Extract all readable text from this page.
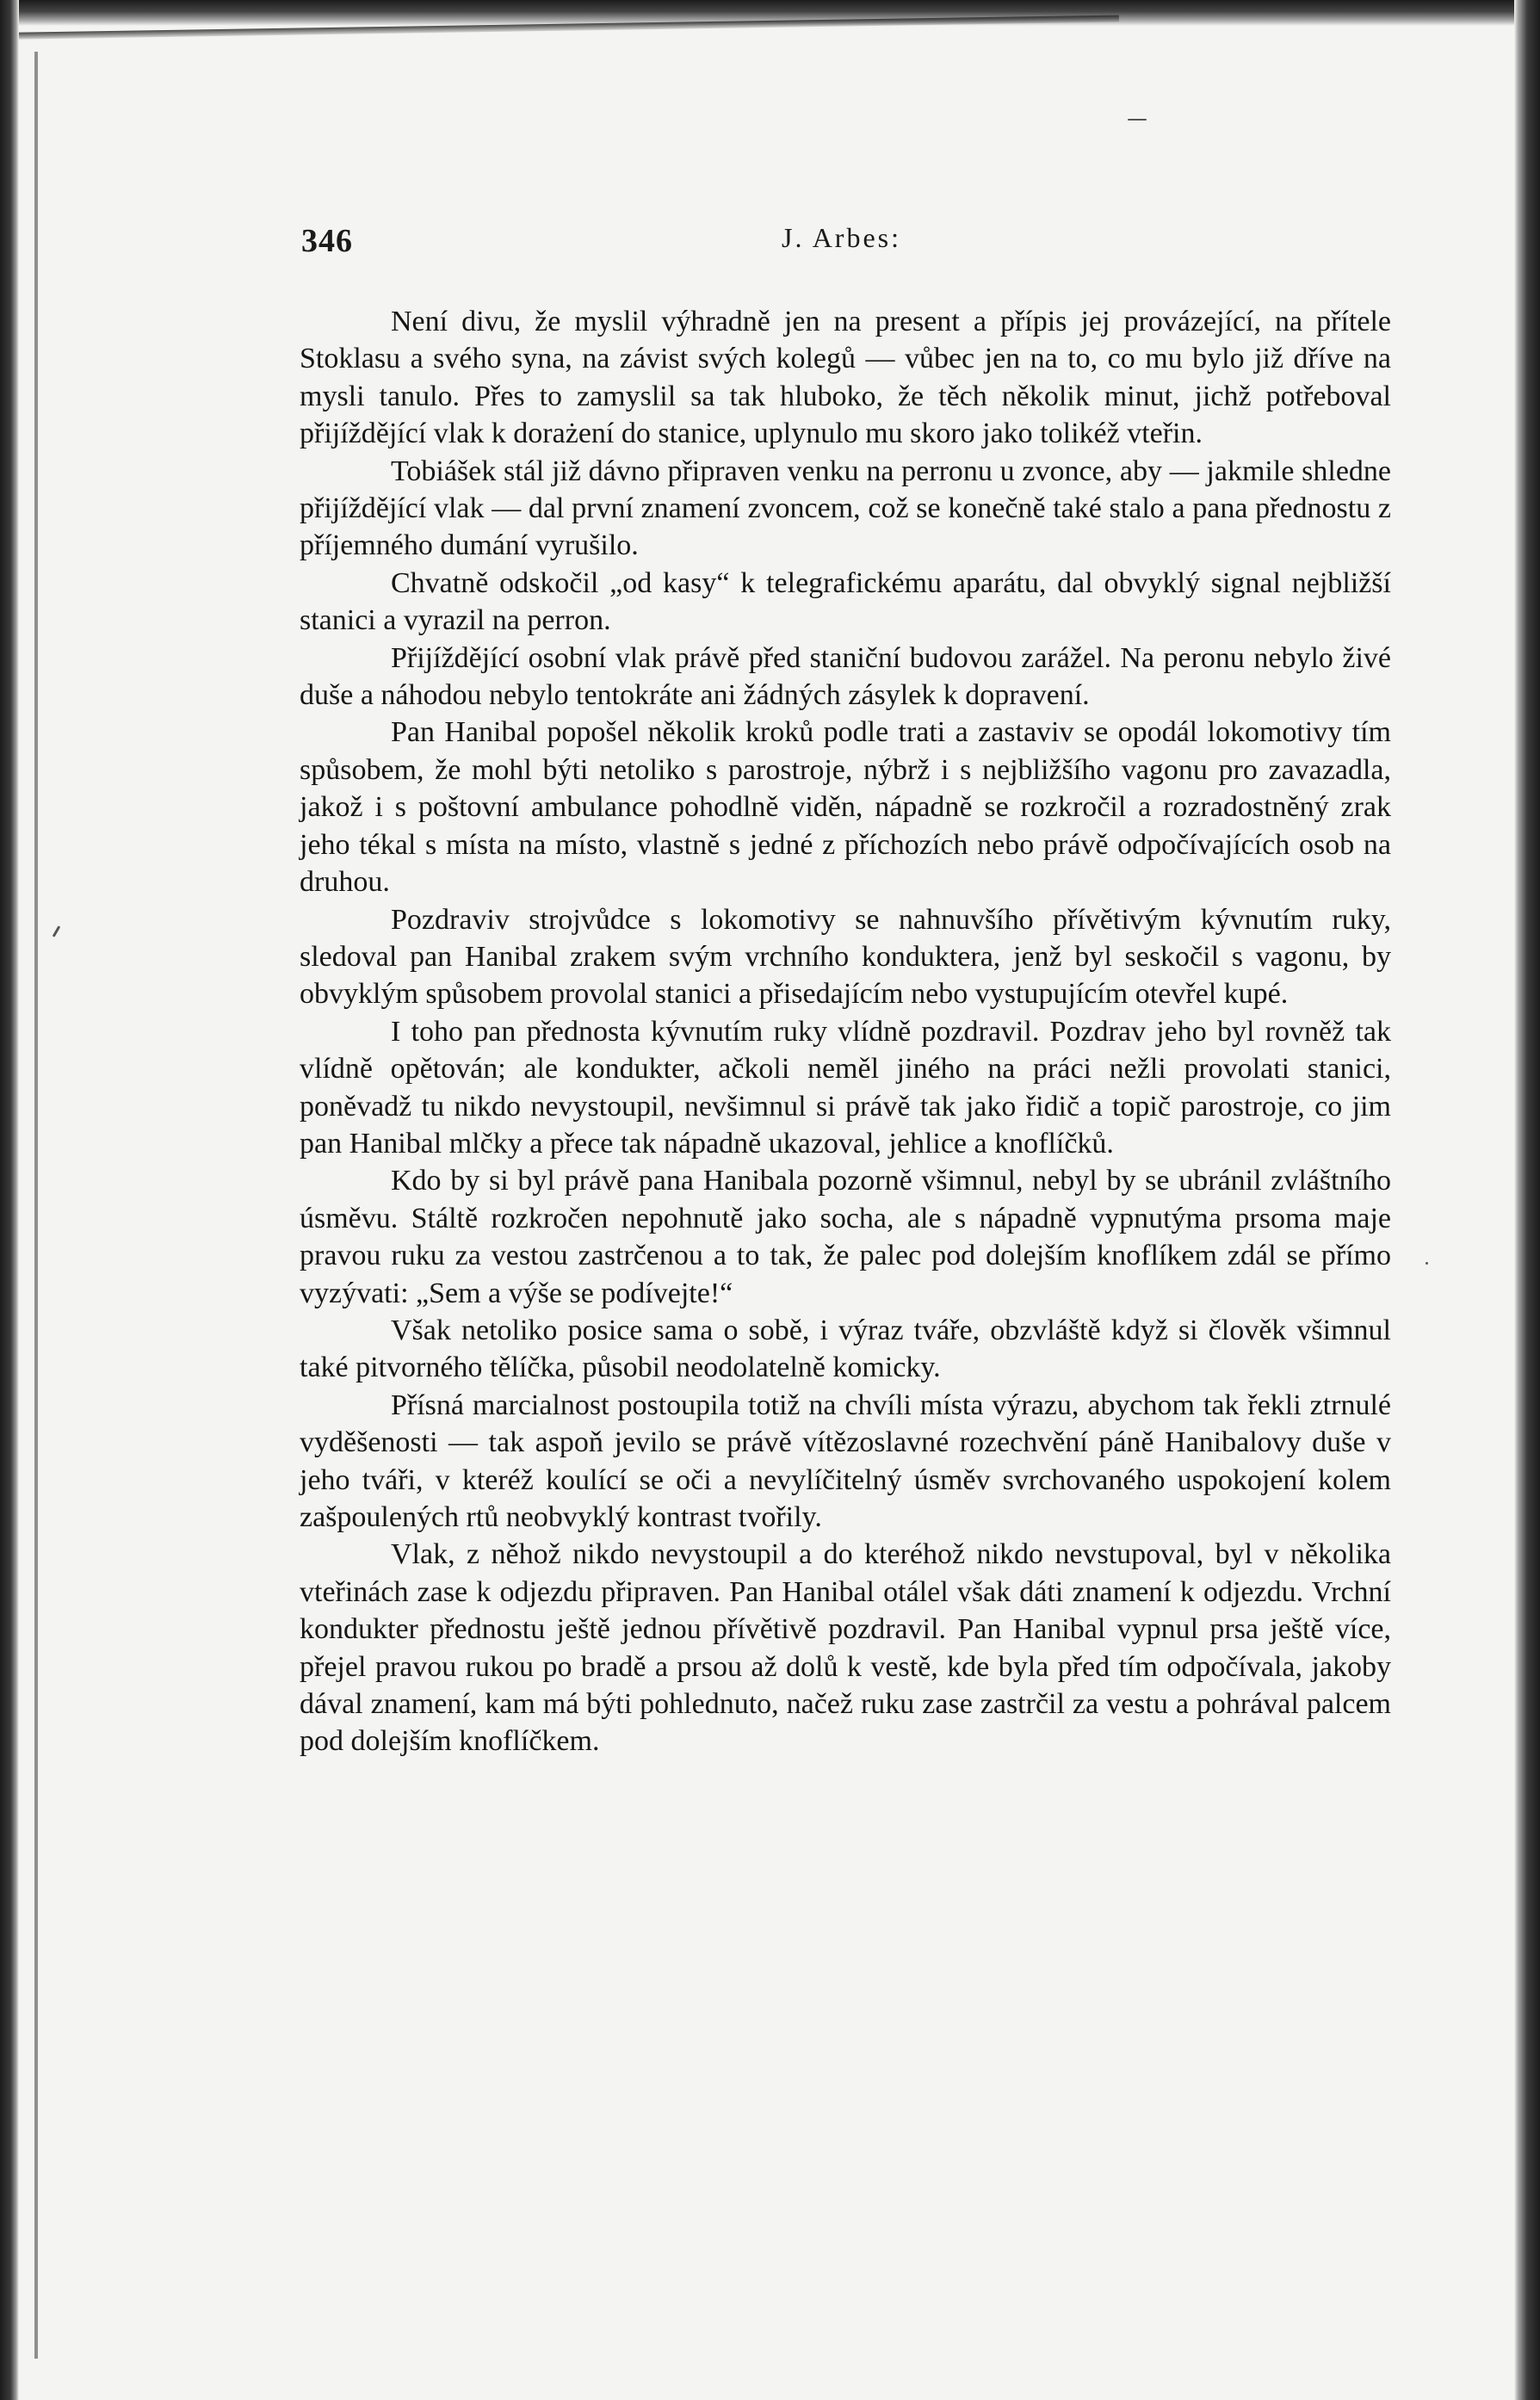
346	J. Arbes:

Není divu, že myslil výhradně jen na present a přípis jej provázející, na přítele Stoklasu a svého syna, na závist svých kolegů — vůbec jen na to, co mu bylo již dříve na mysli tanulo. Přes to zamyslil sa tak hluboko, že těch několik minut, jichž potřeboval přijíždějící vlak k dorażení do stanice, uplynulo mu skoro jako tolikéž vteřin.

Tobiášek stál již dávno připraven venku na perronu u zvonce, aby — jakmile shledne přijíždějící vlak — dal první znamení zvoncem, což se konečně také stalo a pana přednostu z příjemného dumání vyrušilo.

Chvatně odskočil „od kasy“ k telegrafickému aparátu, dal obvyklý signal nejbližší stanici a vyrazil na perron.

Přijíždějící osobní vlak právě před staniční budovou zarážel. Na peronu nebylo živé duše a náhodou nebylo tentokráte ani žádných zásylek k dopravení.

Pan Hanibal popošel několik kroků podle trati a zastaviv se opodál lokomotivy tím spůsobem, že mohl býti netoliko s parostroje, nýbrž i s nejbližšího vagonu pro zavazadla, jakož i s poštovní ambulance pohodlně viděn, nápadně se rozkročil a rozradostněný zrak jeho tékal s místa na místo, vlastně s jedné z příchozích nebo právě odpočívajících osob na druhou.

Pozdraviv strojvůdce s lokomotivy se nahnuvšího přívětivým kývnutím ruky, sledoval pan Hanibal zrakem svým vrchního konduktera, jenž byl seskočil s vagonu, by obvyklým spůsobem provolal stanici a přisedajícím nebo vystupujícím otevřel kupé.

I toho pan přednosta kývnutím ruky vlídně pozdravil. Pozdrav jeho byl rovněž tak vlídně opětován; ale kondukter, ačkoli neměl jiného na práci nežli provolati stanici, poněvadž tu nikdo nevystoupil, nevšimnul si právě tak jako řidič a topič parostroje, co jim pan Hanibal mlčky a přece tak nápadně ukazoval, jehlice a knoflíčků.

Kdo by si byl právě pana Hanibala pozorně všimnul, nebyl by se ubránil zvláštního úsměvu. Stáltě rozkročen nepohnutě jako socha, ale s nápadně vypnutýma prsoma maje pravou ruku za vestou zastrčenou a to tak, že palec pod dolejším knoflíkem zdál se přímo vyzývati: „Sem a výše se podívejte!“

Však netoliko posice sama o sobě, i výraz tváře, obzvláště když si člověk všimnul také pitvorného tělíčka, působil neodolatelně komicky.

Přísná marcialnost postoupila totiž na chvíli místa výrazu, abychom tak řekli ztrnulé vyděšenosti — tak aspoň jevilo se právě vítězoslavné rozechvění páně Hanibalovy duše v jeho tváři, v kteréž koulící se oči a nevylíčitelný úsměv svrchovaného uspokojení kolem zašpoulených rtů neobvyklý kontrast tvořily.

Vlak, z něhož nikdo nevystoupil a do kteréhož nikdo nevstupoval, byl v několika vteřinách zase k odjezdu připraven. Pan Hanibal otálel však dáti znamení k odjezdu. Vrchní kondukter přednostu ještě jednou přívětivě pozdravil. Pan Hanibal vypnul prsa ještě více, přejel pravou rukou po bradě a prsou až dolů k vestě, kde byla před tím odpočívala, jakoby dával znamení, kam má býti pohlednuto, načež ruku zase zastrčil za vestu a pohrával palcem pod dolejším knoflíčkem.
